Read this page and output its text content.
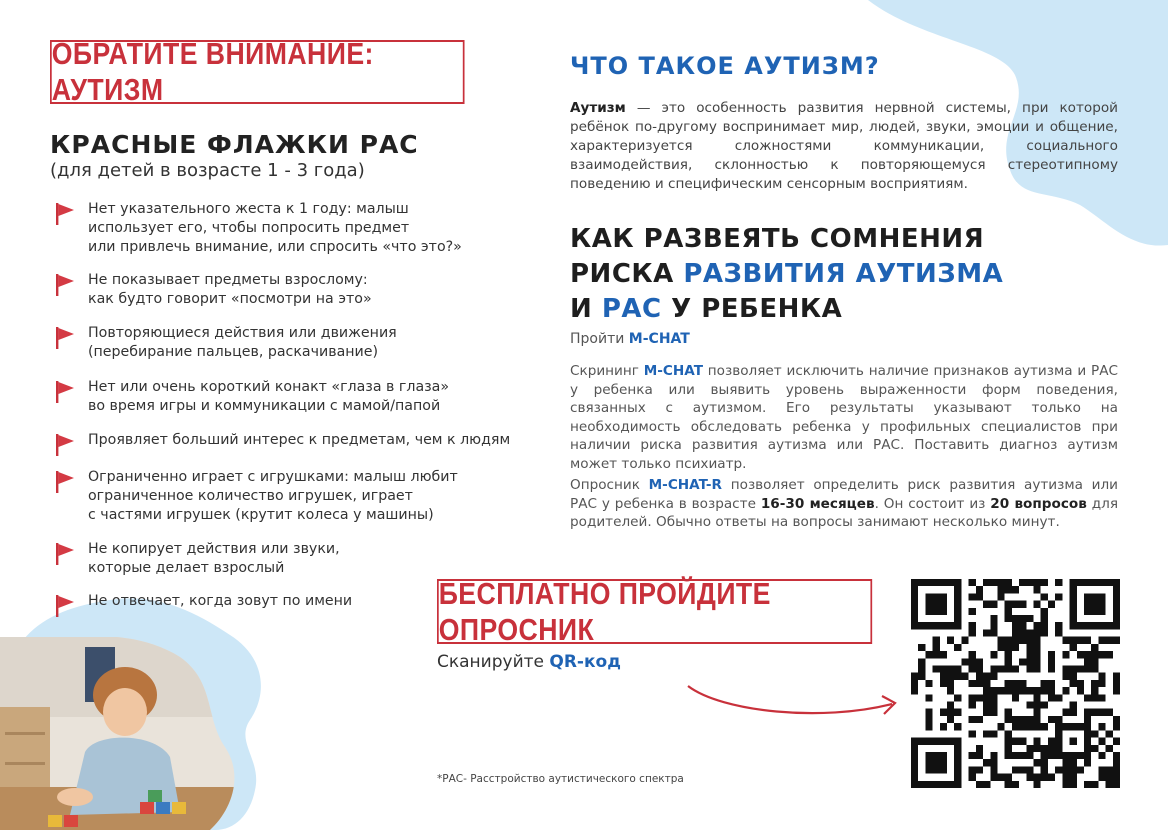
ОБРАТИТЕ ВНИМАНИЕ: АУТИЗМ
КРАСНЫЕ ФЛАЖКИ РАС
(для детей в возрасте 1 - 3 года)
Нет указательного жеста к 1 году: малыш
использует его, чтобы попросить предмет
или привлечь внимание, или спросить «что это?»
Не показывает предметы взрослому:
как будто говорит «посмотри на это»
Повторяющиеся действия или движения
(перебирание пальцев, раскачивание)
Нет или очень короткий конакт «глаза в глаза»
во время игры и коммуникации с мамой/папой
Проявляет больший интерес к предметам, чем к людям
Ограниченно играет с игрушками: малыш любит
ограниченное количество игрушек, играет
с частями игрушек (крутит колеса у машины)
Не копирует действия или звуки,
которые делает взрослый
Не отвечает, когда зовут по имени
ЧТО ТАКОЕ АУТИЗМ?
Аутизм — это особенность развития нервной системы, при которой ребёнок по-другому воспринимает мир, людей, звуки, эмоции и общение, характеризуется сложностями коммуникации, социального взаимодействия, склонностью к повторяющемуся стереотипному поведению и специфическим сенсорным восприятиям.
КАК РАЗВЕЯТЬ СОМНЕНИЯ
РИСКА РАЗВИТИЯ АУТИЗМА
И РАС У РЕБЕНКА
Пройти M-CHAT
Скрининг M-CHAT позволяет исключить наличие признаков аутизма и РАС у ребенка или выявить уровень выраженности форм поведения, связанных с аутизмом. Его результаты указывают только на необходимость обследовать ребенка у профильных специалистов при наличии риска развития аутизма или РАС. Поставить диагноз аутизм может только психиатр.
Опросник M-CHAT-R позволяет определить риск развития аутизма или РАС у ребенка в возрасте 16-30 месяцев. Он состоит из 20 вопросов для родителей. Обычно ответы на вопросы занимают несколько минут.
БЕСПЛАТНО ПРОЙДИТЕ ОПРОСНИК
Сканируйте QR-код
*РАС- Расстройство аутистического спектра
